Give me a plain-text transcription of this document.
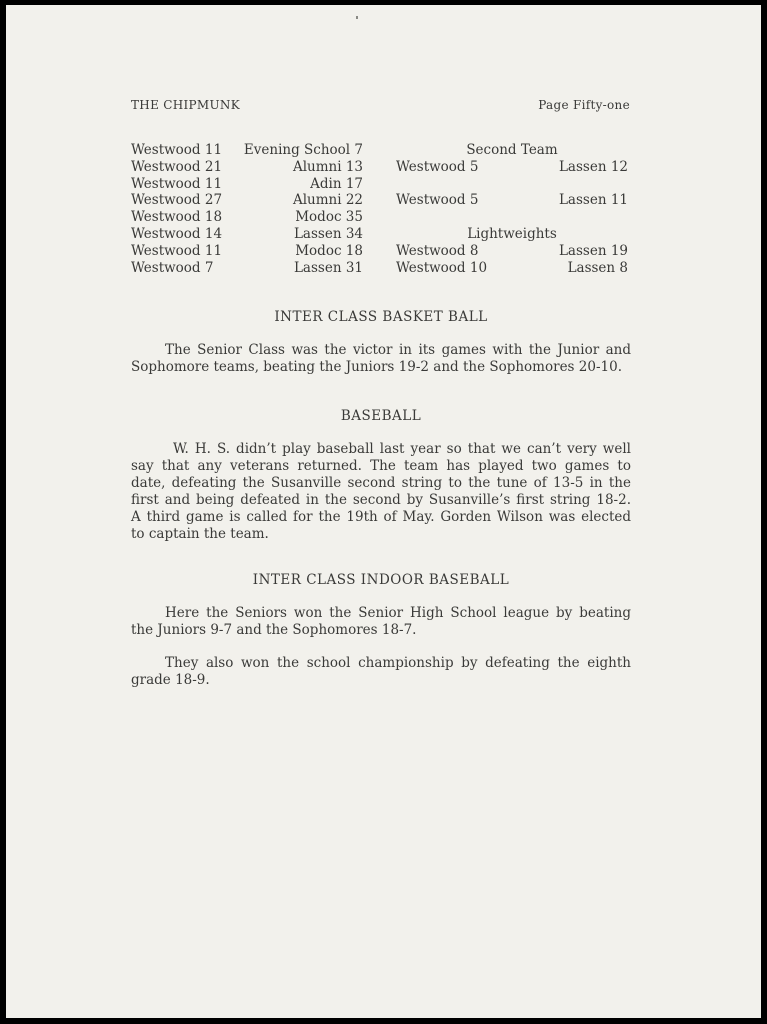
THE CHIPMUNK	Page Fifty-one
Westwood 11 Evening School 7
Westwood 21	Alumni 13
Westwood 11	Adin 17
Westwood 27	Alumni 22
Westwood 18	Modoc 35
Westwood 14	Lassen 34
Westwood 11	Modoc 18
Westwood 7	Lassen 31
Second Team
Westwood 5	Lassen 12
Westwood 5	Lassen 11
Lightweights
Westwood 8	Lassen 19
Westwood 10	Lassen 8
INTER CLASS BASKET BALL
The Senior Class was the victor in its games with the Junior and
Sophomore teams, beating the Juniors 19-2 and the Sophomores 20-10.
BASEBALL
W. H. S. didn’t play baseball last year so that we can’t very well
say that any veterans returned. The team has played two games to
date, defeating the Susanville second string to the tune of 13-5 in the
first and being defeated in the second by Susanville’s first string 18-2.
A third game is called for the 19th of May. Gorden Wilson was elected
to captain the team.
INTER CLASS INDOOR BASEBALL
Here the Seniors won the Senior High School league by beating
the Juniors 9-7 and the Sophomores 18-7.
They also won the school championship by defeating the eighth
grade 18-9.
